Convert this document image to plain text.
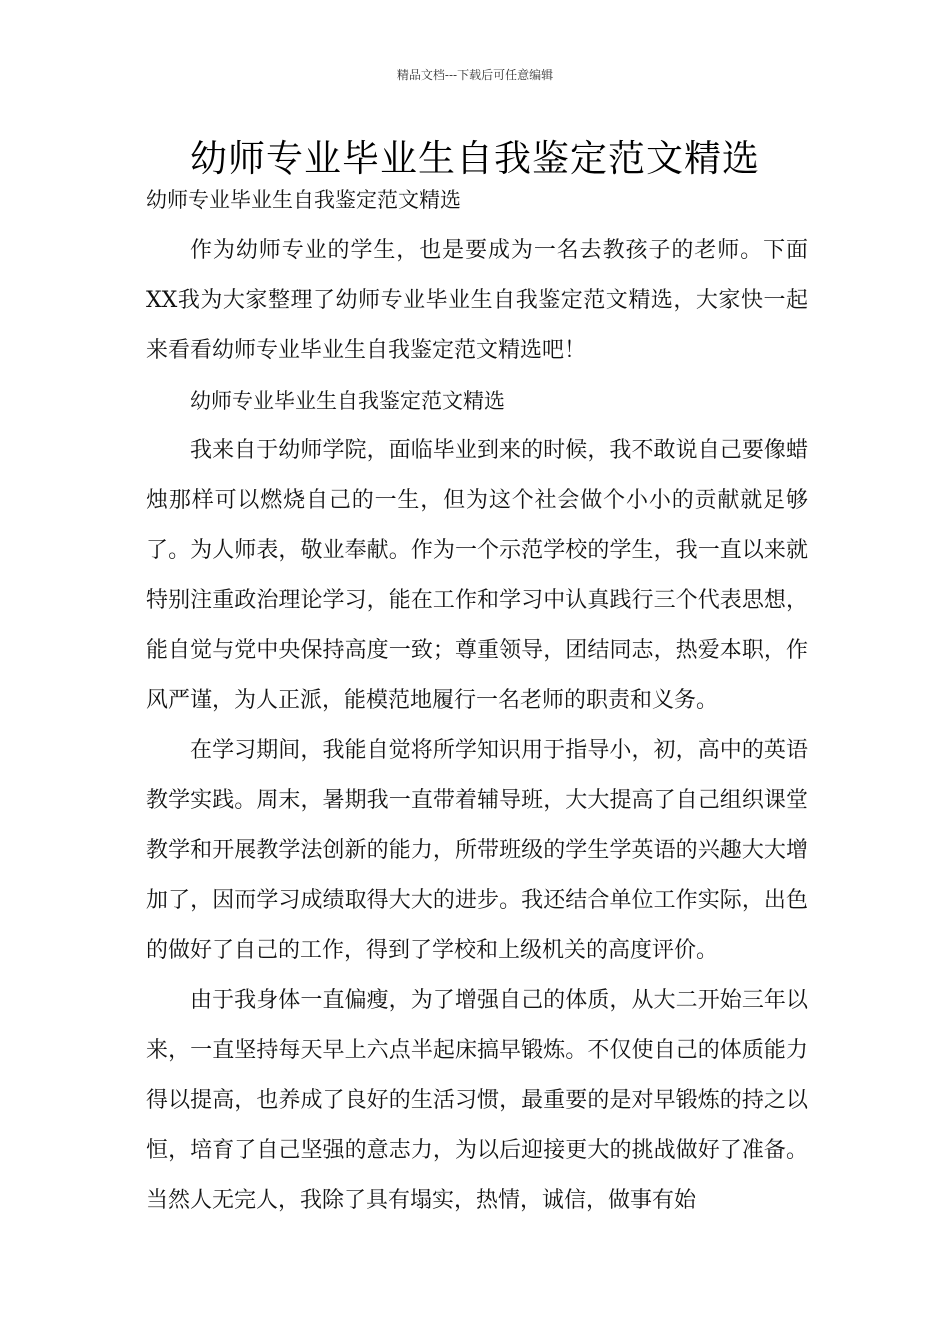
精品文档---下载后可任意编辑
幼师专业毕业生自我鉴定范文精选

幼师专业毕业生自我鉴定范文精选

作为幼师专业的学生，也是要成为一名去教孩子的老师。下面XX我为大家整理了幼师专业毕业生自我鉴定范文精选，大家快一起来看看幼师专业毕业生自我鉴定范文精选吧！

幼师专业毕业生自我鉴定范文精选

我来自于幼师学院，面临毕业到来的时候，我不敢说自己要像蜡烛那样可以燃烧自己的一生，但为这个社会做个小小的贡献就足够了。为人师表，敬业奉献。作为一个示范学校的学生，我一直以来就特别注重政治理论学习，能在工作和学习中认真践行三个代表思想，能自觉与党中央保持高度一致；尊重领导，团结同志，热爱本职，作风严谨，为人正派，能模范地履行一名老师的职责和义务。

在学习期间，我能自觉将所学知识用于指导小，初，高中的英语教学实践。周末，暑期我一直带着辅导班，大大提高了自己组织课堂教学和开展教学法创新的能力，所带班级的学生学英语的兴趣大大增加了，因而学习成绩取得大大的进步。我还结合单位工作实际，出色的做好了自己的工作，得到了学校和上级机关的高度评价。

由于我身体一直偏瘦，为了增强自己的体质，从大二开始三年以来，一直坚持每天早上六点半起床搞早锻炼。不仅使自己的体质能力得以提高，也养成了良好的生活习惯，最重要的是对早锻炼的持之以恒，培育了自己坚强的意志力，为以后迎接更大的挑战做好了准备。当然人无完人，我除了具有塌实，热情，诚信，做事有始
